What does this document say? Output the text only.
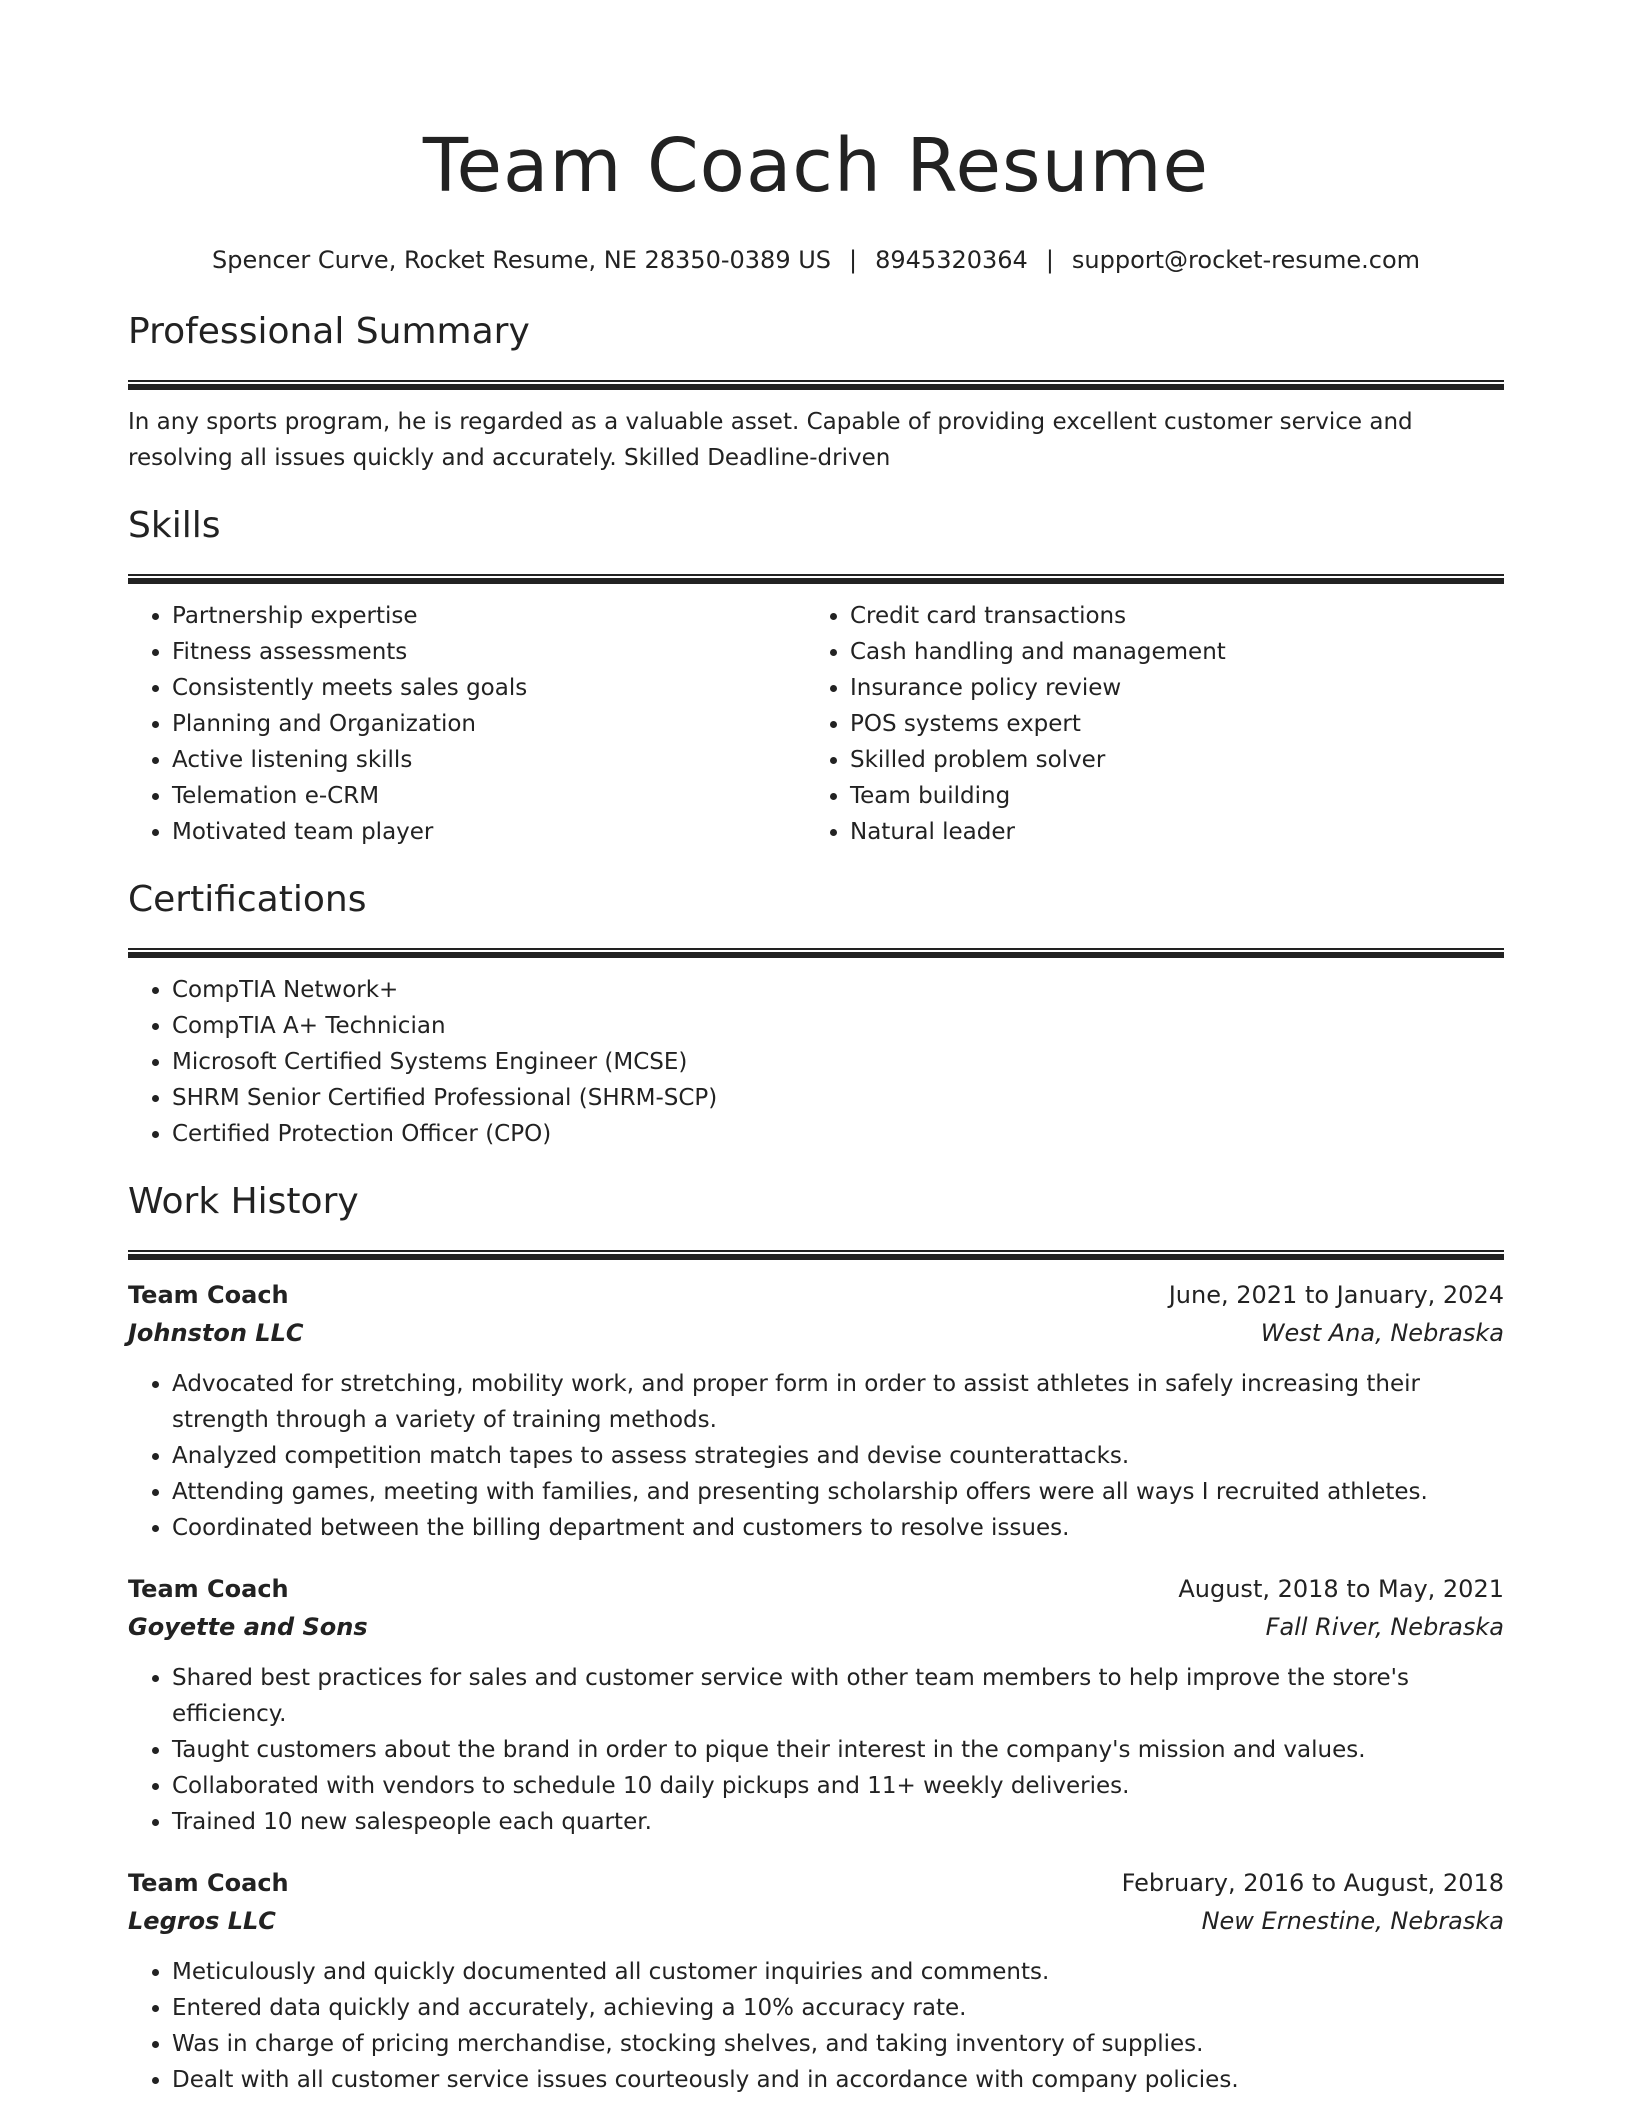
Team Coach Resume
Spencer Curve, Rocket Resume, NE 28350-0389 US | 8945320364 | support@rocket-resume.com
Professional Summary

In any sports program, he is regarded as a valuable asset. Capable of providing excellent customer service and resolving all issues quickly and accurately. Skilled Deadline-driven

Skills
• Partnership expertise
• Fitness assessments
• Consistently meets sales goals
• Planning and Organization
• Active listening skills
• Telemation e-CRM
• Motivated team player
• Credit card transactions
• Cash handling and management
• Insurance policy review
• POS systems expert
• Skilled problem solver
• Team building
• Natural leader
Certifications
• CompTIA Network+
• CompTIA A+ Technician
• Microsoft Certified Systems Engineer (MCSE)
• SHRM Senior Certified Professional (SHRM-SCP)
• Certified Protection Officer (CPO)
Work History
Team Coach	June, 2021 to January, 2024
Johnston LLC	West Ana, Nebraska
• Advocated for stretching, mobility work, and proper form in order to assist athletes in safely increasing their strength through a variety of training methods.
• Analyzed competition match tapes to assess strategies and devise counterattacks.
• Attending games, meeting with families, and presenting scholarship offers were all ways I recruited athletes.
• Coordinated between the billing department and customers to resolve issues.
Team Coach	August, 2018 to May, 2021
Goyette and Sons	Fall River, Nebraska
• Shared best practices for sales and customer service with other team members to help improve the store's efficiency.
• Taught customers about the brand in order to pique their interest in the company's mission and values.
• Collaborated with vendors to schedule 10 daily pickups and 11+ weekly deliveries.
• Trained 10 new salespeople each quarter.
Team Coach	February, 2016 to August, 2018
Legros LLC	New Ernestine, Nebraska
• Meticulously and quickly documented all customer inquiries and comments.
• Entered data quickly and accurately, achieving a 10% accuracy rate.
• Was in charge of pricing merchandise, stocking shelves, and taking inventory of supplies.
• Dealt with all customer service issues courteously and in accordance with company policies.
